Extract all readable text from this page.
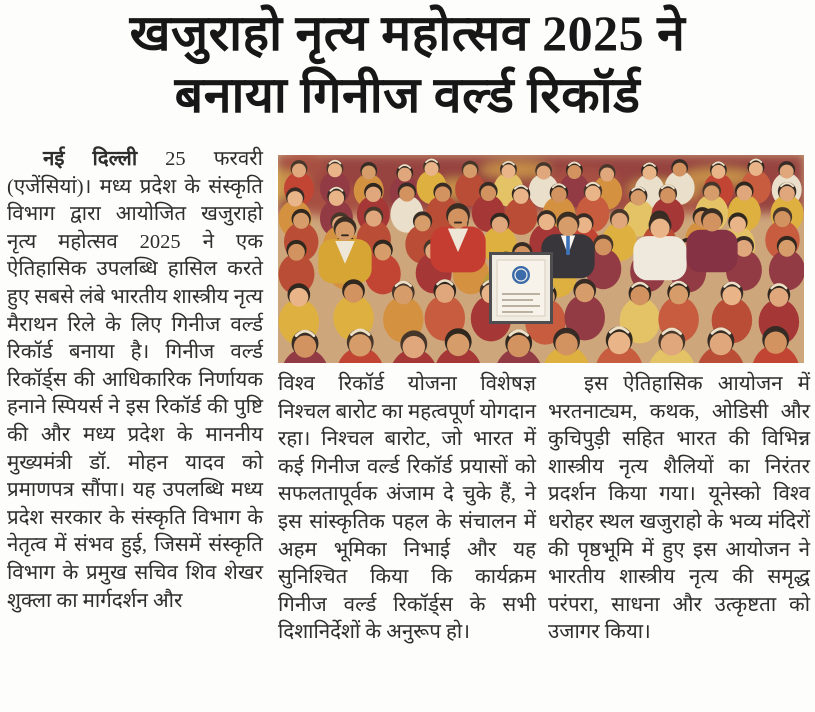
खजुराहो नृत्य महोत्सव 2025 ने
बनाया गिनीज वर्ल्ड रिकॉर्ड

नई दिल्ली 25 फरवरी (एजेंसियां)। मध्य प्रदेश के संस्कृति विभाग द्वारा आयोजित खजुराहो नृत्य महोत्सव 2025 ने एक ऐतिहासिक उपलब्धि हासिल करते हुए सबसे लंबे भारतीय शास्त्रीय नृत्य मैराथन रिले के लिए गिनीज वर्ल्ड रिकॉर्ड बनाया है। गिनीज वर्ल्ड रिकॉर्ड्स की आधिकारिक निर्णायक हनाने स्पियर्स ने इस रिकॉर्ड की पुष्टि की और मध्य प्रदेश के माननीय मुख्यमंत्री डॉ. मोहन यादव को प्रमाणपत्र सौंपा। यह उपलब्धि मध्य प्रदेश सरकार के संस्कृति विभाग के नेतृत्व में संभव हुई, जिसमें संस्कृति विभाग के प्रमुख सचिव शिव शेखर शुक्ला का मार्गदर्शन और

विश्व रिकॉर्ड योजना विशेषज्ञ निश्चल बारोट का महत्वपूर्ण योगदान रहा। निश्चल बारोट, जो भारत में कई गिनीज वर्ल्ड रिकॉर्ड प्रयासों को सफलतापूर्वक अंजाम दे चुके हैं, ने इस सांस्कृतिक पहल के संचालन में अहम भूमिका निभाई और यह सुनिश्चित किया कि कार्यक्रम गिनीज वर्ल्ड रिकॉर्ड्स के सभी दिशानिर्देशों के अनुरूप हो।

इस ऐतिहासिक आयोजन में भरतनाट्यम, कथक, ओडिसी और कुचिपुड़ी सहित भारत की विभिन्न शास्त्रीय नृत्य शैलियों का निरंतर प्रदर्शन किया गया। यूनेस्को विश्व धरोहर स्थल खजुराहो के भव्य मंदिरों की पृष्ठभूमि में हुए इस आयोजन ने भारतीय शास्त्रीय नृत्य की समृद्ध परंपरा, साधना और उत्कृष्टता को उजागर किया।
